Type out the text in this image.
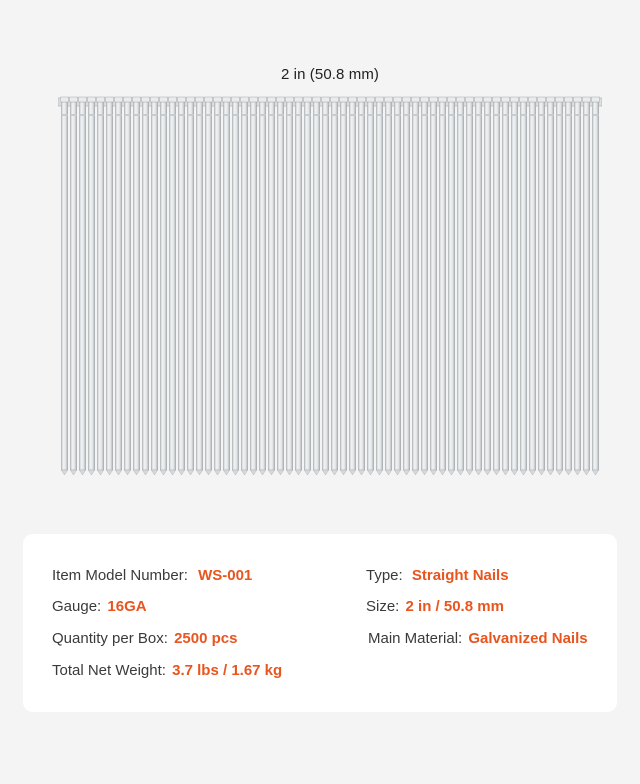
2 in (50.8 mm)
Item Model Number: WS-001	Type: Straight Nails
Gauge: 16GA	Size: 2 in / 50.8 mm
Quantity per Box: 2500 pcs	Main Material: Galvanized Nails
Total Net Weight: 3.7 lbs / 1.67 kg
